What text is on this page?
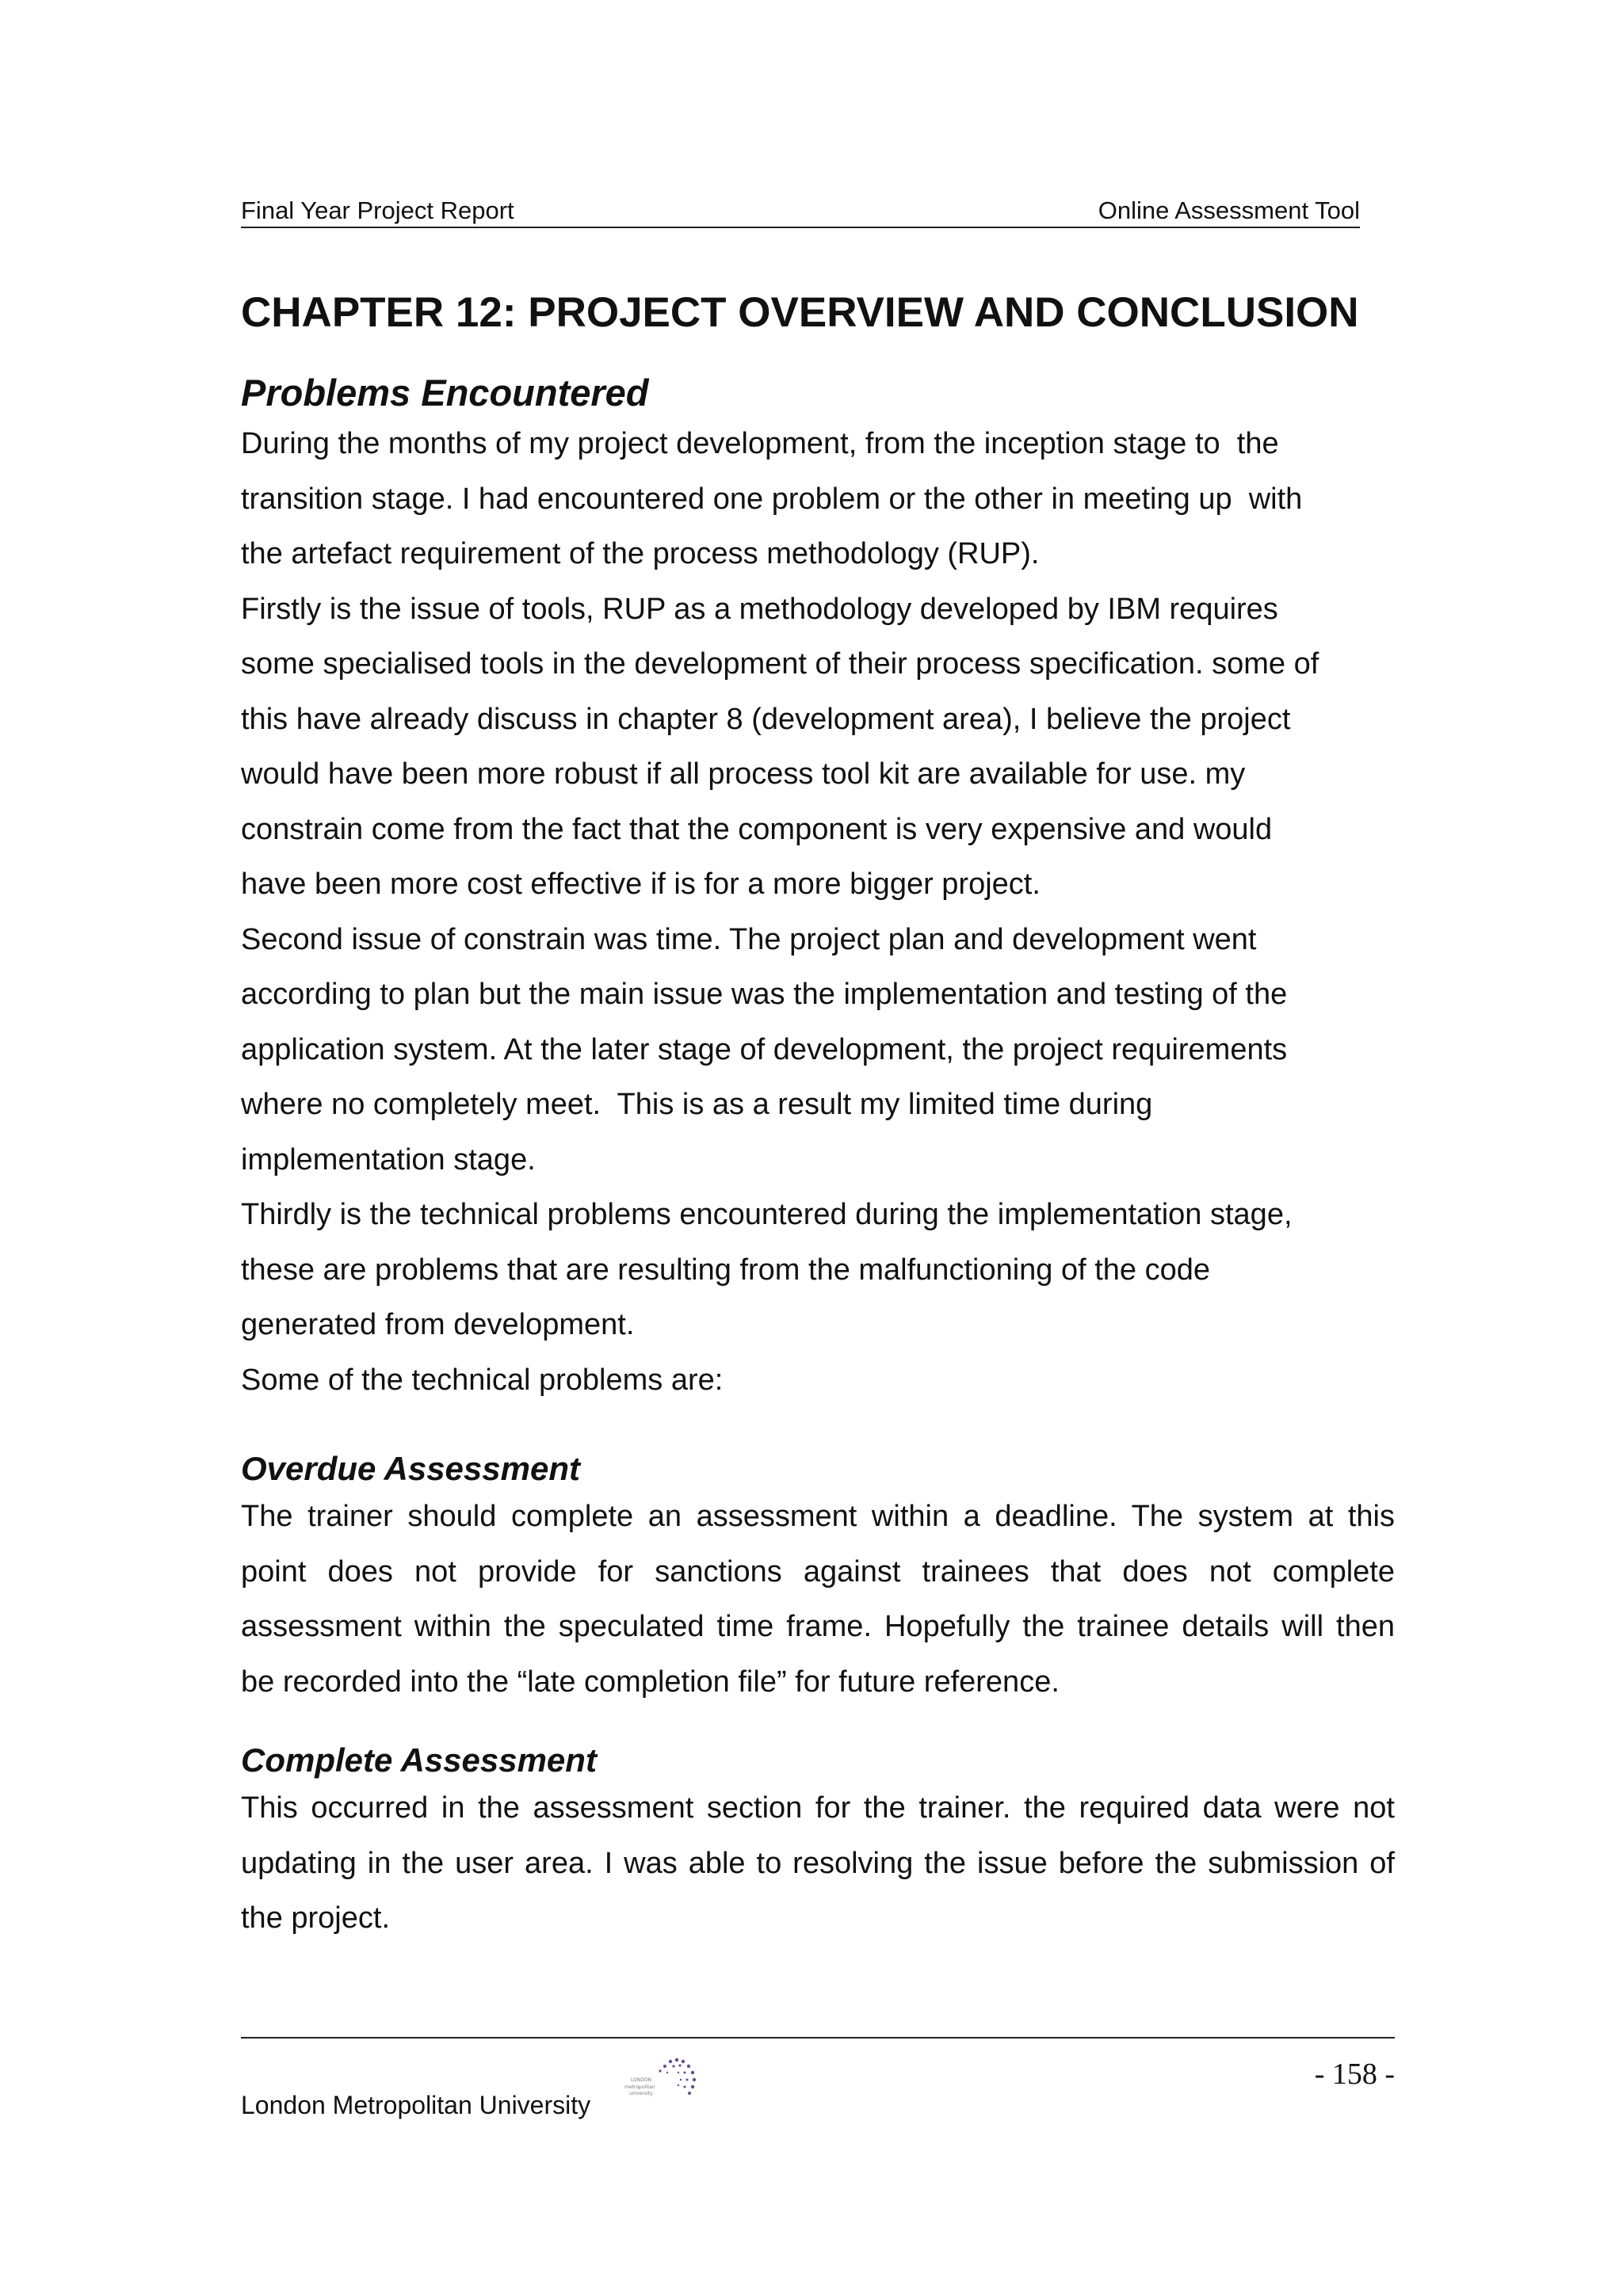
Final Year Project Report	Online Assessment Tool
CHAPTER 12: PROJECT OVERVIEW AND CONCLUSION
Problems Encountered
During the months of my project development, from the inception stage to  the
transition stage. I had encountered one problem or the other in meeting up  with
the artefact requirement of the process methodology (RUP).
Firstly is the issue of tools, RUP as a methodology developed by IBM requires
some specialised tools in the development of their process specification. some of
this have already discuss in chapter 8 (development area), I believe the project
would have been more robust if all process tool kit are available for use. my
constrain come from the fact that the component is very expensive and would
have been more cost effective if is for a more bigger project.
Second issue of constrain was time. The project plan and development went
according to plan but the main issue was the implementation and testing of the
application system. At the later stage of development, the project requirements
where no completely meet.  This is as a result my limited time during
implementation stage.
Thirdly is the technical problems encountered during the implementation stage,
these are problems that are resulting from the malfunctioning of the code
generated from development.
Some of the technical problems are:
Overdue Assessment
The trainer should complete an assessment within a deadline. The system at this
point does not provide for sanctions against trainees that does not complete
assessment within the speculated time frame. Hopefully the trainee details will then
be recorded into the “late completion file” for future reference.
Complete Assessment
This occurred in the assessment section for the trainer. the required data were not
updating in the user area. I was able to resolving the issue before the submission of
the project.
- 158 -
London Metropolitan University
LONDON
metropolitan
university
